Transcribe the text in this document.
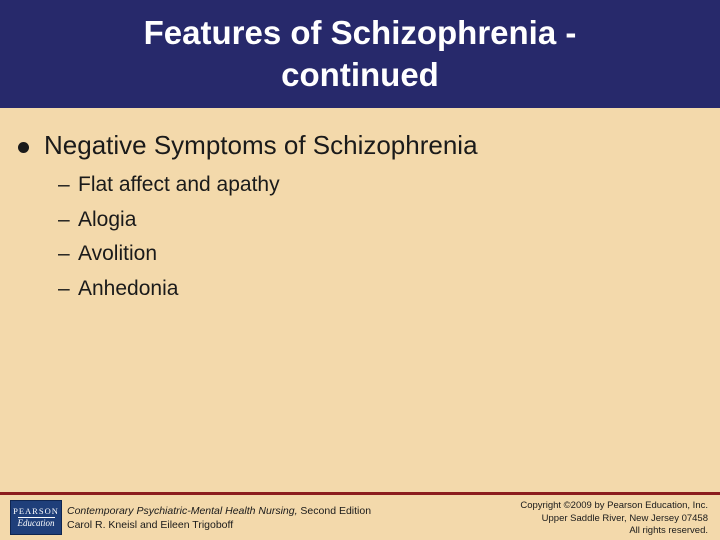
Features of Schizophrenia - continued
Negative Symptoms of Schizophrenia
– Flat affect and apathy
– Alogia
– Avolition
– Anhedonia
PEARSON
Education
Contemporary Psychiatric-Mental Health Nursing, Second Edition
Carol R. Kneisl and Eileen Trigoboff
Copyright ©2009 by Pearson Education, Inc.
Upper Saddle River, New Jersey 07458
All rights reserved.
